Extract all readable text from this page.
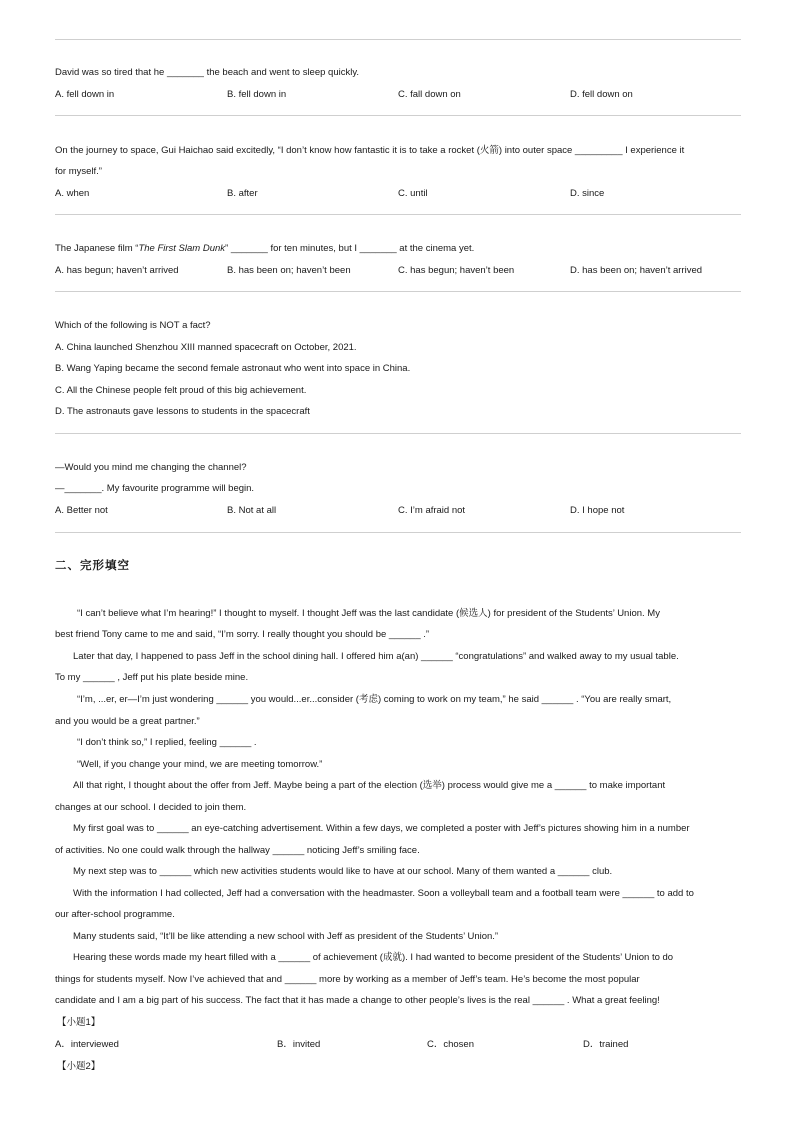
David was so tired that he _______ the beach and went to sleep quickly.
A. fell down in	B. fell down in	C. fall down on	D. fell down on
On the journey to space, Gui Haichao said excitedly, “I don’t know how fantastic it is to take a rocket (火箭) into outer space _________ I experience it
for myself.”
A. when	B. after	C. until	D. since
The Japanese film “The First Slam Dunk” _______ for ten minutes, but I _______ at the cinema yet.
A. has begun; haven’t arrived	B. has been on; haven’t been	C. has begun; haven’t been	D. has been on; haven’t arrived
Which of the following is NOT a fact?
A. China launched Shenzhou XIII manned spacecraft on October, 2021.
B. Wang Yaping became the second female astronaut who went into space in China.
C. All the Chinese people felt proud of this big achievement.
D. The astronauts gave lessons to students in the spacecraft
—Would you mind me changing the channel?
—_______. My favourite programme will begin.
A. Better not	B. Not at all	C. I’m afraid not	D. I hope not
二、完形填空
“I can’t believe what I’m hearing!” I thought to myself. I thought Jeff was the last candidate (候选人) for president of the Students’ Union. My
best friend Tony came to me and said, “I’m sorry. I really thought you should be ______ .”
Later that day, I happened to pass Jeff in the school dining hall. I offered him a(an) ______ “congratulations” and walked away to my usual table.
To my ______ , Jeff put his plate beside mine.
“I’m, ...er, er—I’m just wondering ______ you would...er...consider (考虑) coming to work on my team,” he said ______ . “You are really smart,
and you would be a great partner.”
“I don’t think so,” I replied, feeling ______ .
“Well, if you change your mind, we are meeting tomorrow.”
All that right, I thought about the offer from Jeff. Maybe being a part of the election (选举) process would give me a ______ to make important
changes at our school. I decided to join them.
My first goal was to ______ an eye-catching advertisement. Within a few days, we completed a poster with Jeff’s pictures showing him in a number
of activities. No one could walk through the hallway ______ noticing Jeff’s smiling face.
My next step was to ______ which new activities students would like to have at our school. Many of them wanted a ______ club.
With the information I had collected, Jeff had a conversation with the headmaster. Soon a volleyball team and a football team were ______ to add to
our after-school programme.
Many students said, “It’ll be like attending a new school with Jeff as president of the Students’ Union.”
Hearing these words made my heart filled with a ______ of achievement (成就). I had wanted to become president of the Students’ Union to do
things for students myself. Now I’ve achieved that and ______ more by working as a member of Jeff’s team. He’s become the most popular
candidate and I am a big part of his success. The fact that it has made a change to other people’s lives is the real ______ . What a great feeling!
【小题1】
A．interviewed	B．invited	C．chosen	D．trained
【小题2】
